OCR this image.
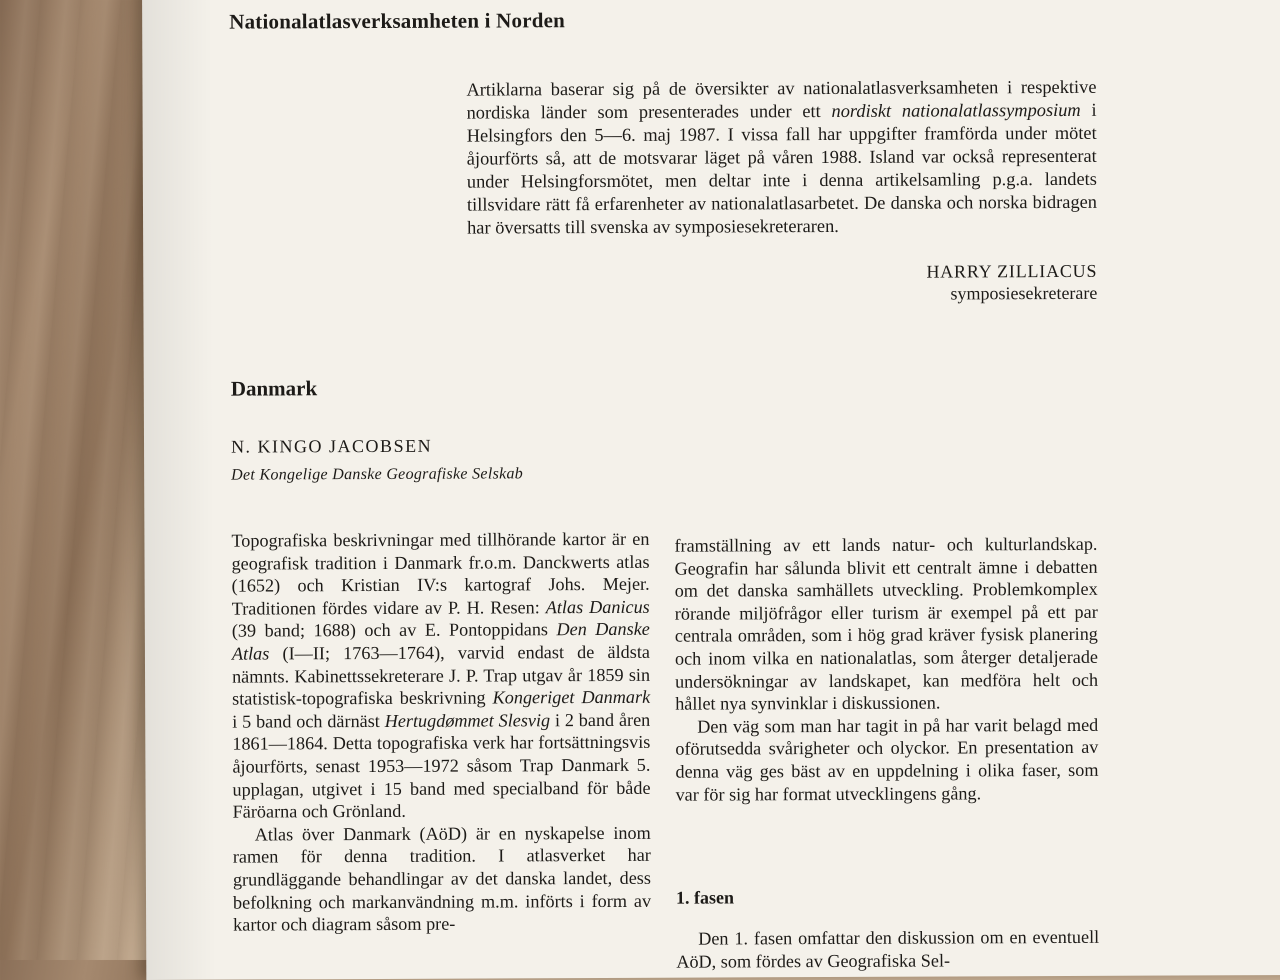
Nationalatlasverksamheten i Norden

Artiklarna baserar sig på de översikter av nationalatlasverksamheten i respektive nordiska länder som presenterades under ett nordiskt nationalatlassymposium i Helsingfors den 5—6. maj 1987. I vissa fall har uppgifter framförda under mötet åjourförts så, att de motsvarar läget på våren 1988. Island var också representerat under Helsingforsmötet, men deltar inte i denna artikelsamling p.g.a. landets tillsvidare rätt få erfarenheter av nationalatlasarbetet. De danska och norska bidragen har översatts till svenska av symposiesekreteraren.

HARRY ZILLIACUS
symposiesekreterare
Danmark
N. KINGO JACOBSEN
Det Kongelige Danske Geografiske Selskab

Topografiska beskrivningar med tillhörande kartor är en geografisk tradition i Danmark fr.o.m. Danckwerts atlas (1652) och Kristian IV:s kartograf Johs. Mejer. Traditionen fördes vidare av P. H. Resen: Atlas Danicus (39 band; 1688) och av E. Pontoppidans Den Danske Atlas (I—II; 1763—1764), varvid endast de äldsta nämnts. Kabinettssekreterare J. P. Trap utgav år 1859 sin statistisk-topografiska beskrivning Kongeriget Danmark i 5 band och därnäst Hertugdømmet Slesvig i 2 band åren 1861—1864. Detta topografiska verk har fortsättningsvis åjourförts, senast 1953—1972 såsom Trap Danmark 5. upplagan, utgivet i 15 band med specialband för både Färöarna och Grönland.

Atlas över Danmark (AöD) är en nyskapelse inom ramen för denna tradition. I atlasverket har grundläggande behandlingar av det danska landet, dess befolkning och markanvändning m.m. införts i form av kartor och diagram såsom pre-

framställning av ett lands natur- och kulturlandskap. Geografin har sålunda blivit ett centralt ämne i debatten om det danska samhällets utveckling. Problemkomplex rörande miljöfrågor eller turism är exempel på ett par centrala områden, som i hög grad kräver fysisk planering och inom vilka en nationalatlas, som återger detaljerade undersökningar av landskapet, kan medföra helt och hållet nya synvinklar i diskussionen.

Den väg som man har tagit in på har varit belagd med oförutsedda svårigheter och olyckor. En presentation av denna väg ges bäst av en uppdelning i olika faser, som var för sig har format utvecklingens gång.

1. fasen

Den 1. fasen omfattar den diskussion om en eventuell AöD, som fördes av Geografiska Sel-
